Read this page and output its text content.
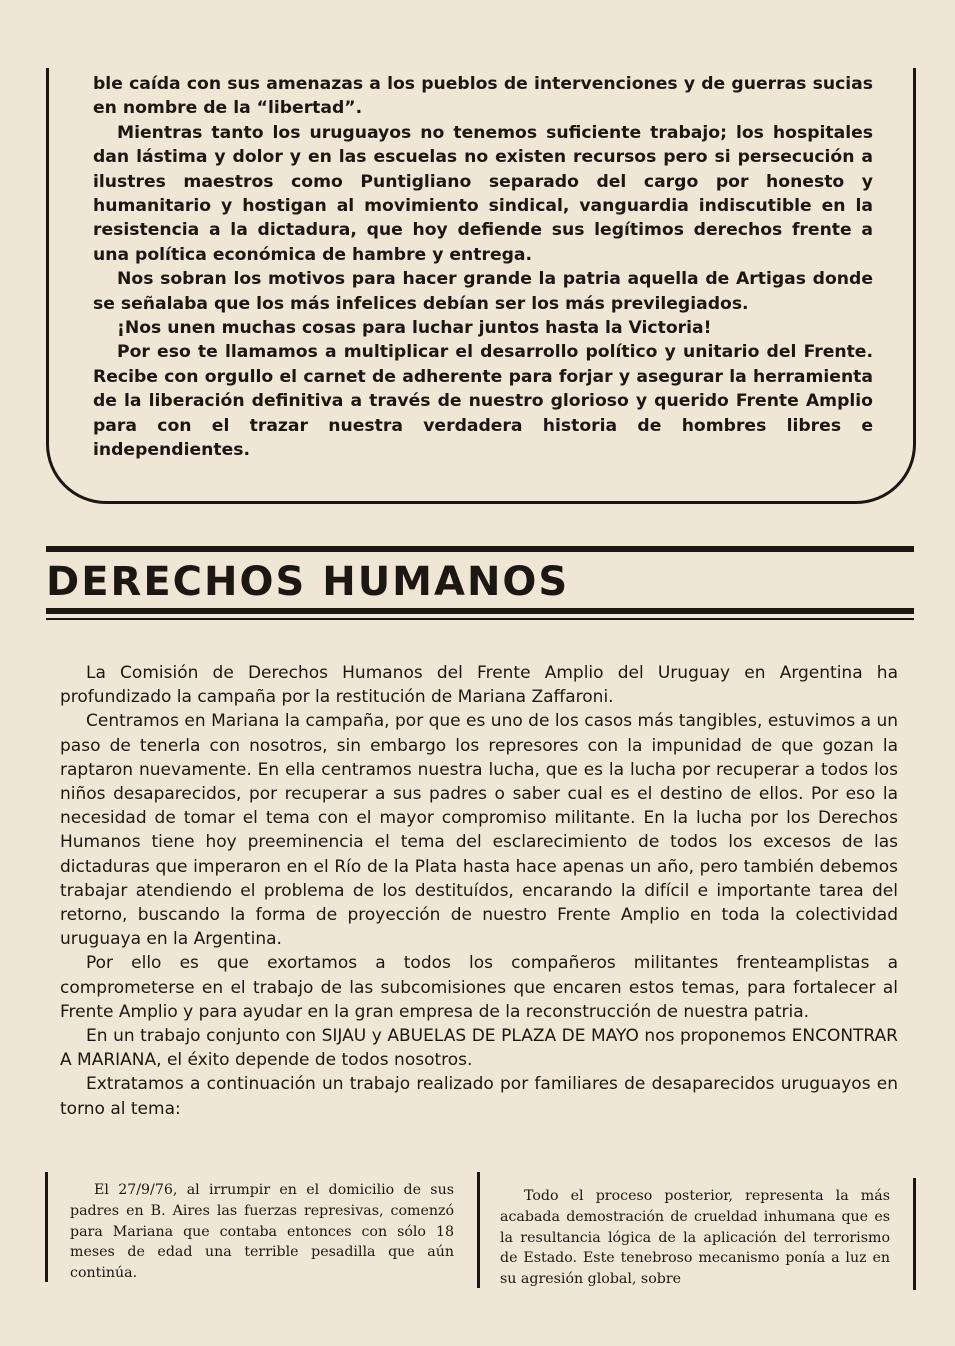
ble caída con sus amenazas a los pueblos de intervenciones y de guerras sucias en nombre de la “libertad”.

Mientras tanto los uruguayos no tenemos suficiente trabajo; los hospitales dan lástima y dolor y en las escuelas no existen recursos pero si persecución a ilustres maestros como Puntigliano separado del cargo por honesto y humanitario y hostigan al movimiento sindical, vanguardia indiscutible en la resistencia a la dictadura, que hoy defiende sus legítimos derechos frente a una política económica de hambre y entrega.

Nos sobran los motivos para hacer grande la patria aquella de Artigas donde se señalaba que los más infelices debían ser los más previlegiados.

¡Nos unen muchas cosas para luchar juntos hasta la Victoria!

Por eso te llamamos a multiplicar el desarrollo político y unitario del Frente. Recibe con orgullo el carnet de adherente para forjar y asegurar la herramienta de la liberación definitiva a través de nuestro glorioso y querido Frente Amplio para con el trazar nuestra verdadera historia de hombres libres e independientes.

DERECHOS HUMANOS

La Comisión de Derechos Humanos del Frente Amplio del Uruguay en Argentina ha profundizado la campaña por la restitución de Mariana Zaffaroni.

Centramos en Mariana la campaña, por que es uno de los casos más tangibles, estuvimos a un paso de tenerla con nosotros, sin embargo los represores con la impunidad de que gozan la raptaron nuevamente. En ella centramos nuestra lucha, que es la lucha por recuperar a todos los niños desaparecidos, por recuperar a sus padres o saber cual es el destino de ellos. Por eso la necesidad de tomar el tema con el mayor compromiso militante. En la lucha por los Derechos Humanos tiene hoy preeminencia el tema del esclarecimiento de todos los excesos de las dictaduras que imperaron en el Río de la Plata hasta hace apenas un año, pero también debemos trabajar atendiendo el problema de los destituídos, encarando la difícil e importante tarea del retorno, buscando la forma de proyección de nuestro Frente Amplio en toda la colectividad uruguaya en la Argentina.

Por ello es que exortamos a todos los compañeros militantes frenteamplistas a comprometerse en el trabajo de las subcomisiones que encaren estos temas, para fortalecer al Frente Amplio y para ayudar en la gran empresa de la reconstrucción de nuestra patria.

En un trabajo conjunto con SIJAU y ABUELAS DE PLAZA DE MAYO nos proponemos ENCONTRAR A MARIANA, el éxito depende de todos nosotros.

Extratamos a continuación un trabajo realizado por familiares de desaparecidos uruguayos en torno al tema:

El 27/9/76, al irrumpir en el domicilio de sus padres en B. Aires las fuerzas represivas, comenzó para Mariana que contaba entonces con sólo 18 meses de edad una terrible pesadilla que aún continúa.

Todo el proceso posterior, representa la más acabada demostración de crueldad inhumana que es la resultancia lógica de la aplicación del terrorismo de Estado. Este tenebroso mecanismo ponía a luz en su agresión global, sobre
